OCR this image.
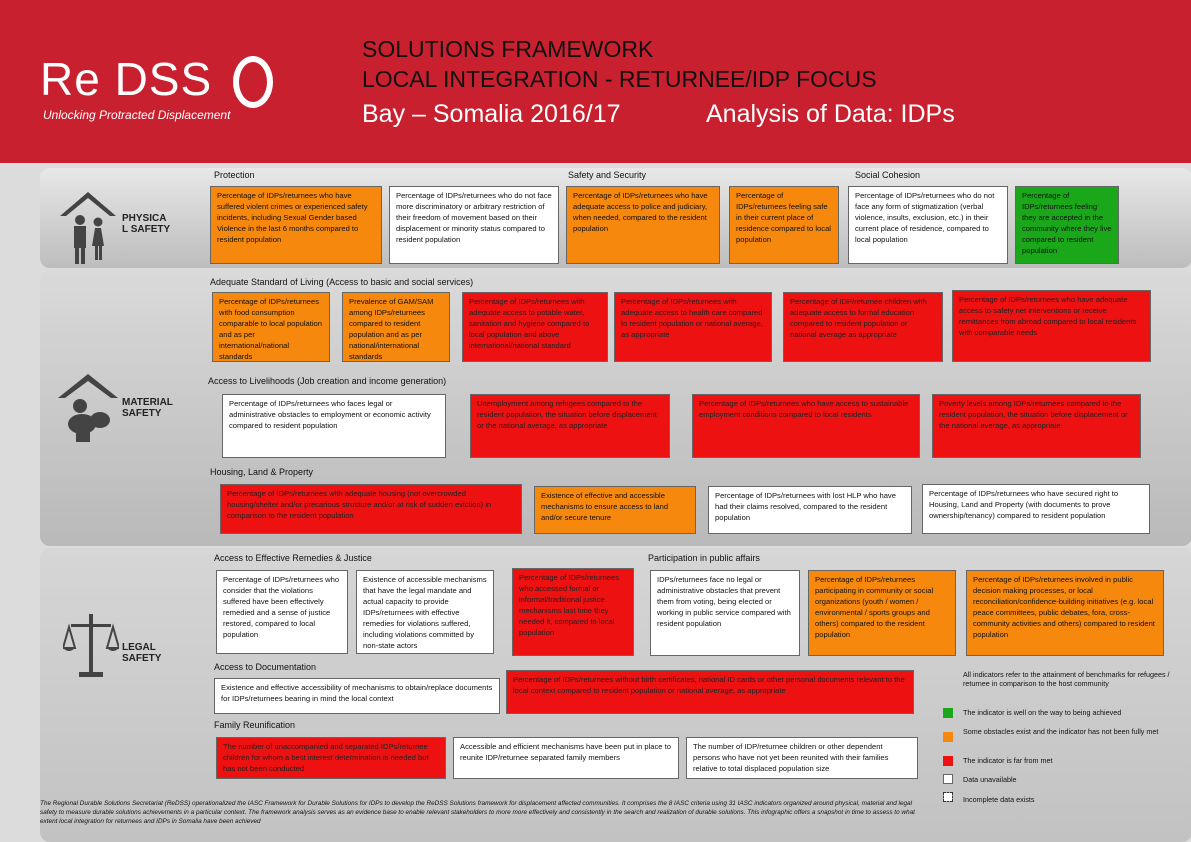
Re DSS
Unlocking Protracted Displacement
SOLUTIONS FRAMEWORK
LOCAL INTEGRATION - RETURNEE/IDP FOCUS
Bay – Somalia 2016/17	Analysis of Data: IDPs
PHYSICA L SAFETY
Protection	Safety and Security	Social Cohesion
Percentage of IDPs/returnees who have suffered violent crimes or experienced safety incidents, including Sexual Gender based Violence in the last 6 months compared to resident population
Percentage of IDPs/returnees who do not face more discriminatory or arbitrary restriction of their freedom of movement based on their displacement or minority status compared to resident population
Percentage of IDPs/returnees who have adequate access to police and judiciary, when needed, compared to the resident population
Percentage of IDPs/returnees feeling safe in their current place of residence compared to local population
Percentage of IDPs/returnees who do not face any form of stigmatization (verbal violence, insults, exclusion, etc.) in their current place of residence, compared to local population
Percentage of IDPs/returnees feeling they are accepted in the community where they live compared to resident population
MATERIAL SAFETY
Adequate Standard of Living (Access to basic and social services)
Percentage of IDPs/returnees with food consumption comparable to local population and as per international/national standards
Prevalence of GAM/SAM among IDPs/returnees compared to resident population and as per national/international standards
Percentage of IDPs/returnees with adequate access to potable water, sanitation and hygiene compared to local population and above international/national standard
Percentage of IDPs/returnees with adequate access to health care compared to resident population or national average, as appropriate
Percentage of IDP/returnee children with adequate access to formal education compared to resident population or national average as appropriate
Percentage of IDPs/returnees who have adequate access to safety net interventions or receive remittances from abroad compared to local residents with comparable needs
Access to Livelihoods (Job creation and income generation)
Percentage of IDPs/returnees who faces legal or administrative obstacles to employment or economic activity compared to resident population
Unemployment among refugees compared to the resident population, the situation before displacement or the national average, as appropriate
Percentage of IDPs/returnees who have access to sustainable employment conditions compared to local residents
Poverty levels among IDPs/returnees compared to the resident population, the situation before displacement or the national average, as appropriate
Housing, Land & Property
Percentage of IDPs/returnees with adequate housing (not overcrowded housing/shelter and/or precarious structure and/or at risk of sudden eviction) in comparison to the resident population
Existence of effective and accessible mechanisms to ensure access to land and/or secure tenure
Percentage of IDPs/returnees with lost HLP who have had their claims resolved, compared to the resident population
Percentage of IDPs/returnees who have secured right to Housing, Land and Property (with documents to prove ownership/tenancy) compared to resident population
LEGAL SAFETY
Access to Effective Remedies & Justice	Participation in public affairs
Percentage of IDPs/returnees who consider that the violations suffered have been effectively remedied and a sense of justice restored, compared to local population
Existence of accessible mechanisms that have the legal mandate and actual capacity to provide IDPs/returnees with effective remedies for violations suffered, including violations committed by non-state actors
Percentage of IDPs/returnees who accessed formal or informal/traditional justice mechanisms last time they needed it, compared to local population
IDPs/returnees face no legal or administrative obstacles that prevent them from voting, being elected or working in public service compared with resident population
Percentage of IDPs/returnees participating in community or social organizations (youth / women / environmental / sports groups and others) compared to the resident population
Percentage of IDPs/returnees involved in public decision making processes, or local reconciliation/confidence-building initiatives (e.g. local peace committees, public debates, fora, cross-community activities and others) compared to resident population
Access to Documentation
Existence and effective accessibility of mechanisms to obtain/replace documents for IDPs/returnees bearing in mind the local context
Percentage of IDPs/returnees without birth certificates, national ID cards or other personal documents relevant to the local context compared to resident population or national average, as appropriate
Family Reunification
The number of unaccompanied and separated IDPs/returnee children for whom a best interest determination is needed but has not been conducted
Accessible and efficient mechanisms have been put in place to reunite IDP/returnee separated family members
The number of IDP/returnee children or other dependent persons who have not yet been reunited with their families relative to total displaced population size
All indicators refer to the attainment of benchmarks for refugees / returnee in comparison to the host community
The indicator is well on the way to being achieved
Some obstacles exist and the indicator has not been fully met
The indicator is far from met
Data unavailable
Incomplete data exists
The Regional Durable Solutions Secretariat (ReDSS) operationalized the IASC Framework for Durable Solutions for IDPs to develop the ReDSS Solutions framework for displacement affected communities. It comprises the 8 IASC criteria using 31 IASC indicators organized around physical, material and legal safety to measure durable solutions achievements in a particular context. The framework analysis serves as an evidence base to enable relevant stakeholders to more more effectively and consistently in the search and realization of durable solutions. This infographic offers a snapshot in time to assess to what extent local integration for returnees and IDPs in Somalia have been achieved
